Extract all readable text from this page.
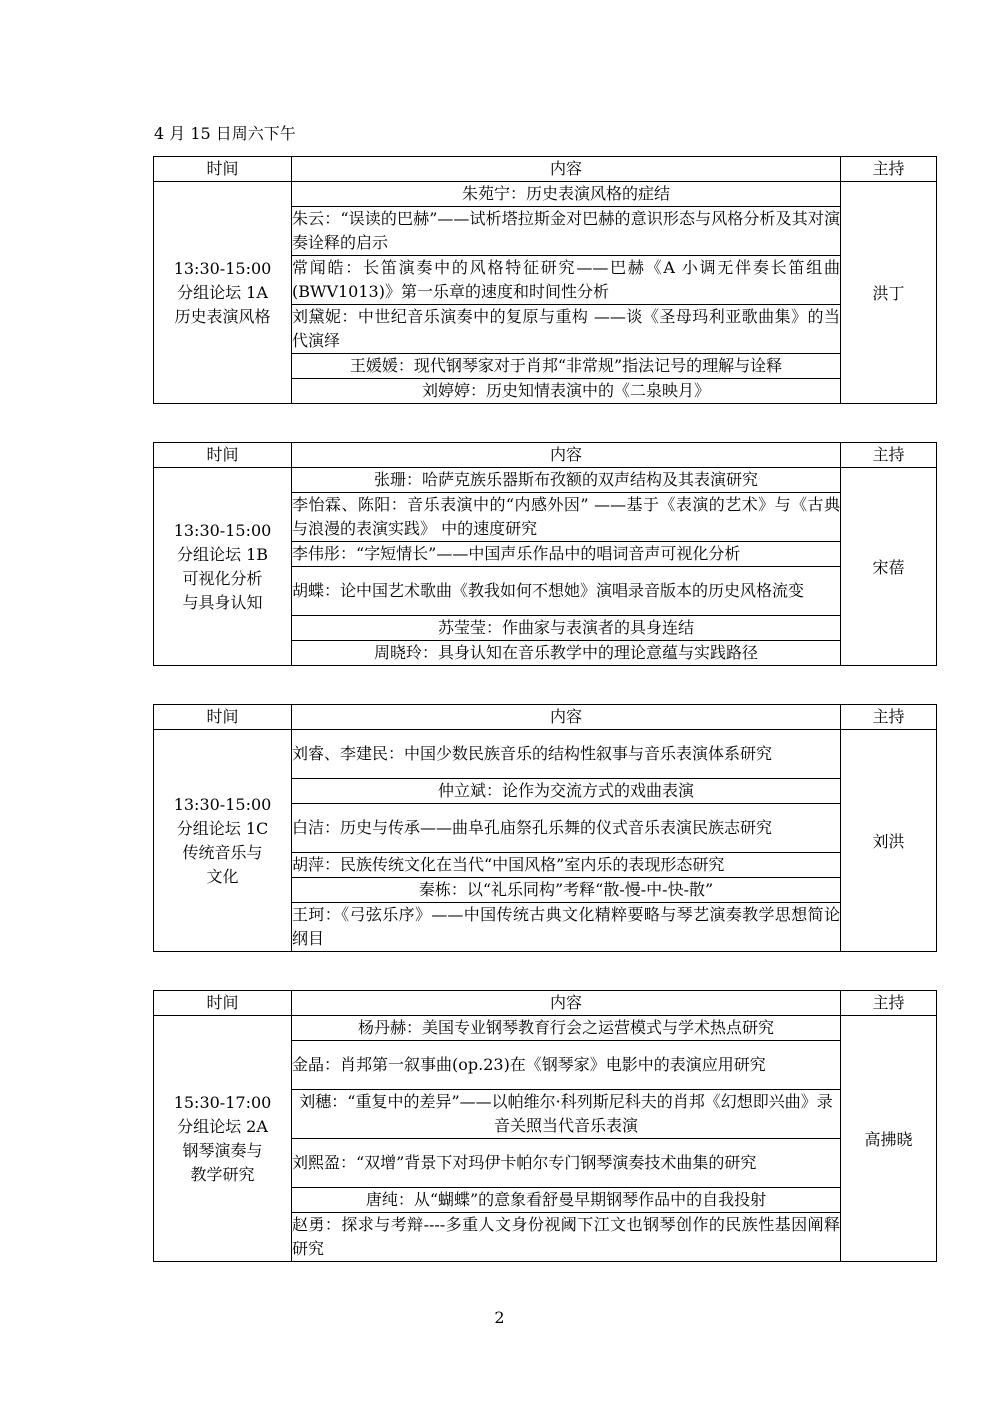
4 月 15 日周六下午
时间	内容	主持

13:30-15:00
分组论坛 1A
历史表演风格	朱苑宁：历史表演风格的症结	洪丁
	朱云：“误读的巴赫”——试析塔拉斯金对巴赫的意识形态与风格分析及其对演奏诠释的启示	
	常闻皓：长笛演奏中的风格特征研究——巴赫《A 小调无伴奏长笛组曲(BWV1013)》第一乐章的速度和时间性分析	
	刘黛妮：中世纪音乐演奏中的复原与重构 ——谈《圣母玛利亚歌曲集》的当代演绎	
	王媛媛：现代钢琴家对于肖邦“非常规”指法记号的理解与诠释	
	刘婷婷：历史知情表演中的《二泉映月》	
时间	内容	主持

13:30-15:00
分组论坛 1B
可视化分析
与具身认知	张珊：哈萨克族乐器斯布孜额的双声结构及其表演研究	宋蓓
	李怡霖、陈阳：音乐表演中的“内感外因” ——基于《表演的艺术》与《古典与浪漫的表演实践》 中的速度研究	
	李伟彤：“字短情长”——中国声乐作品中的唱词音声可视化分析	
	胡蝶：论中国艺术歌曲《教我如何不想她》演唱录音版本的历史风格流变	
	苏莹莹：作曲家与表演者的具身连结	
	周晓玲：具身认知在音乐教学中的理论意蕴与实践路径	
时间	内容	主持

13:30-15:00
分组论坛 1C
传统音乐与
文化	刘睿、李建民：中国少数民族音乐的结构性叙事与音乐表演体系研究	刘洪
	仲立斌：论作为交流方式的戏曲表演	
	白洁：历史与传承——曲阜孔庙祭孔乐舞的仪式音乐表演民族志研究	
	胡萍：民族传统文化在当代“中国风格”室内乐的表现形态研究	
	秦栋：以“礼乐同构”考释“散-慢-中-快-散”	
	王珂：《弓弦乐序》——中国传统古典文化精粹要略与琴艺演奏教学思想简论纲目	
时间	内容	主持

15:30-17:00
分组论坛 2A
钢琴演奏与
教学研究	杨丹赫：美国专业钢琴教育行会之运营模式与学术热点研究	高拂晓
	金晶：肖邦第一叙事曲(op.23)在《钢琴家》电影中的表演应用研究	
	刘穗：“重复中的差异”——以帕维尔·科列斯尼科夫的肖邦《幻想即兴曲》录音关照当代音乐表演	
	刘熙盈：“双增”背景下对玛伊卡帕尔专门钢琴演奏技术曲集的研究	
	唐纯：从“蝴蝶”的意象看舒曼早期钢琴作品中的自我投射	
	赵勇：探求与考辩----多重人文身份视阈下江文也钢琴创作的民族性基因阐释研究	
2
